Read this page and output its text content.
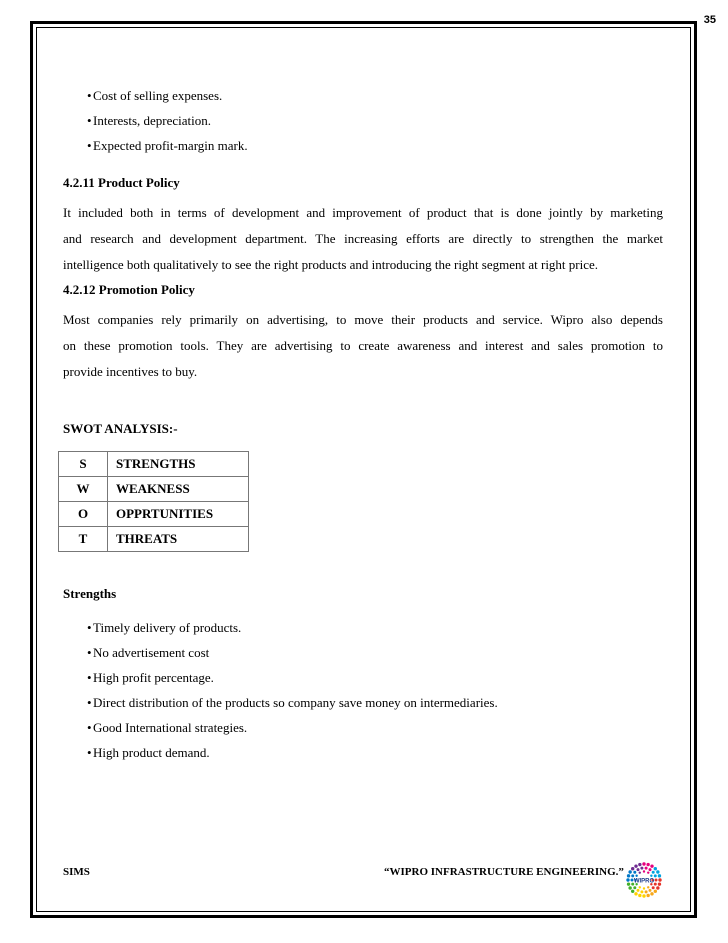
35
• Cost of selling expenses.
• Interests, depreciation.
• Expected profit-margin mark.

4.2.11 Product Policy

It included both in terms of development and improvement of product that is done jointly by marketing

and research and development department. The increasing efforts are directly to strengthen the market

intelligence both qualitatively to see the right products and introducing the right segment at right price.

4.2.12 Promotion Policy

Most companies rely primarily on advertising, to move their products and service. Wipro also depends

on these promotion tools. They are advertising to create awareness and interest and sales promotion to

provide incentives to buy.

SWOT ANALYSIS:-

S	STRENGTHS
W	WEAKNESS
O	OPPRTUNITIES
T	THREATS

Strengths

• Timely delivery of products.
• No advertisement cost
• High profit percentage.
• Direct distribution of the products so company save money on intermediaries.
• Good International strategies.
• High product demand.
SIMS	“WIPRO INFRASTRUCTURE ENGINEERING.”
WIPRO
